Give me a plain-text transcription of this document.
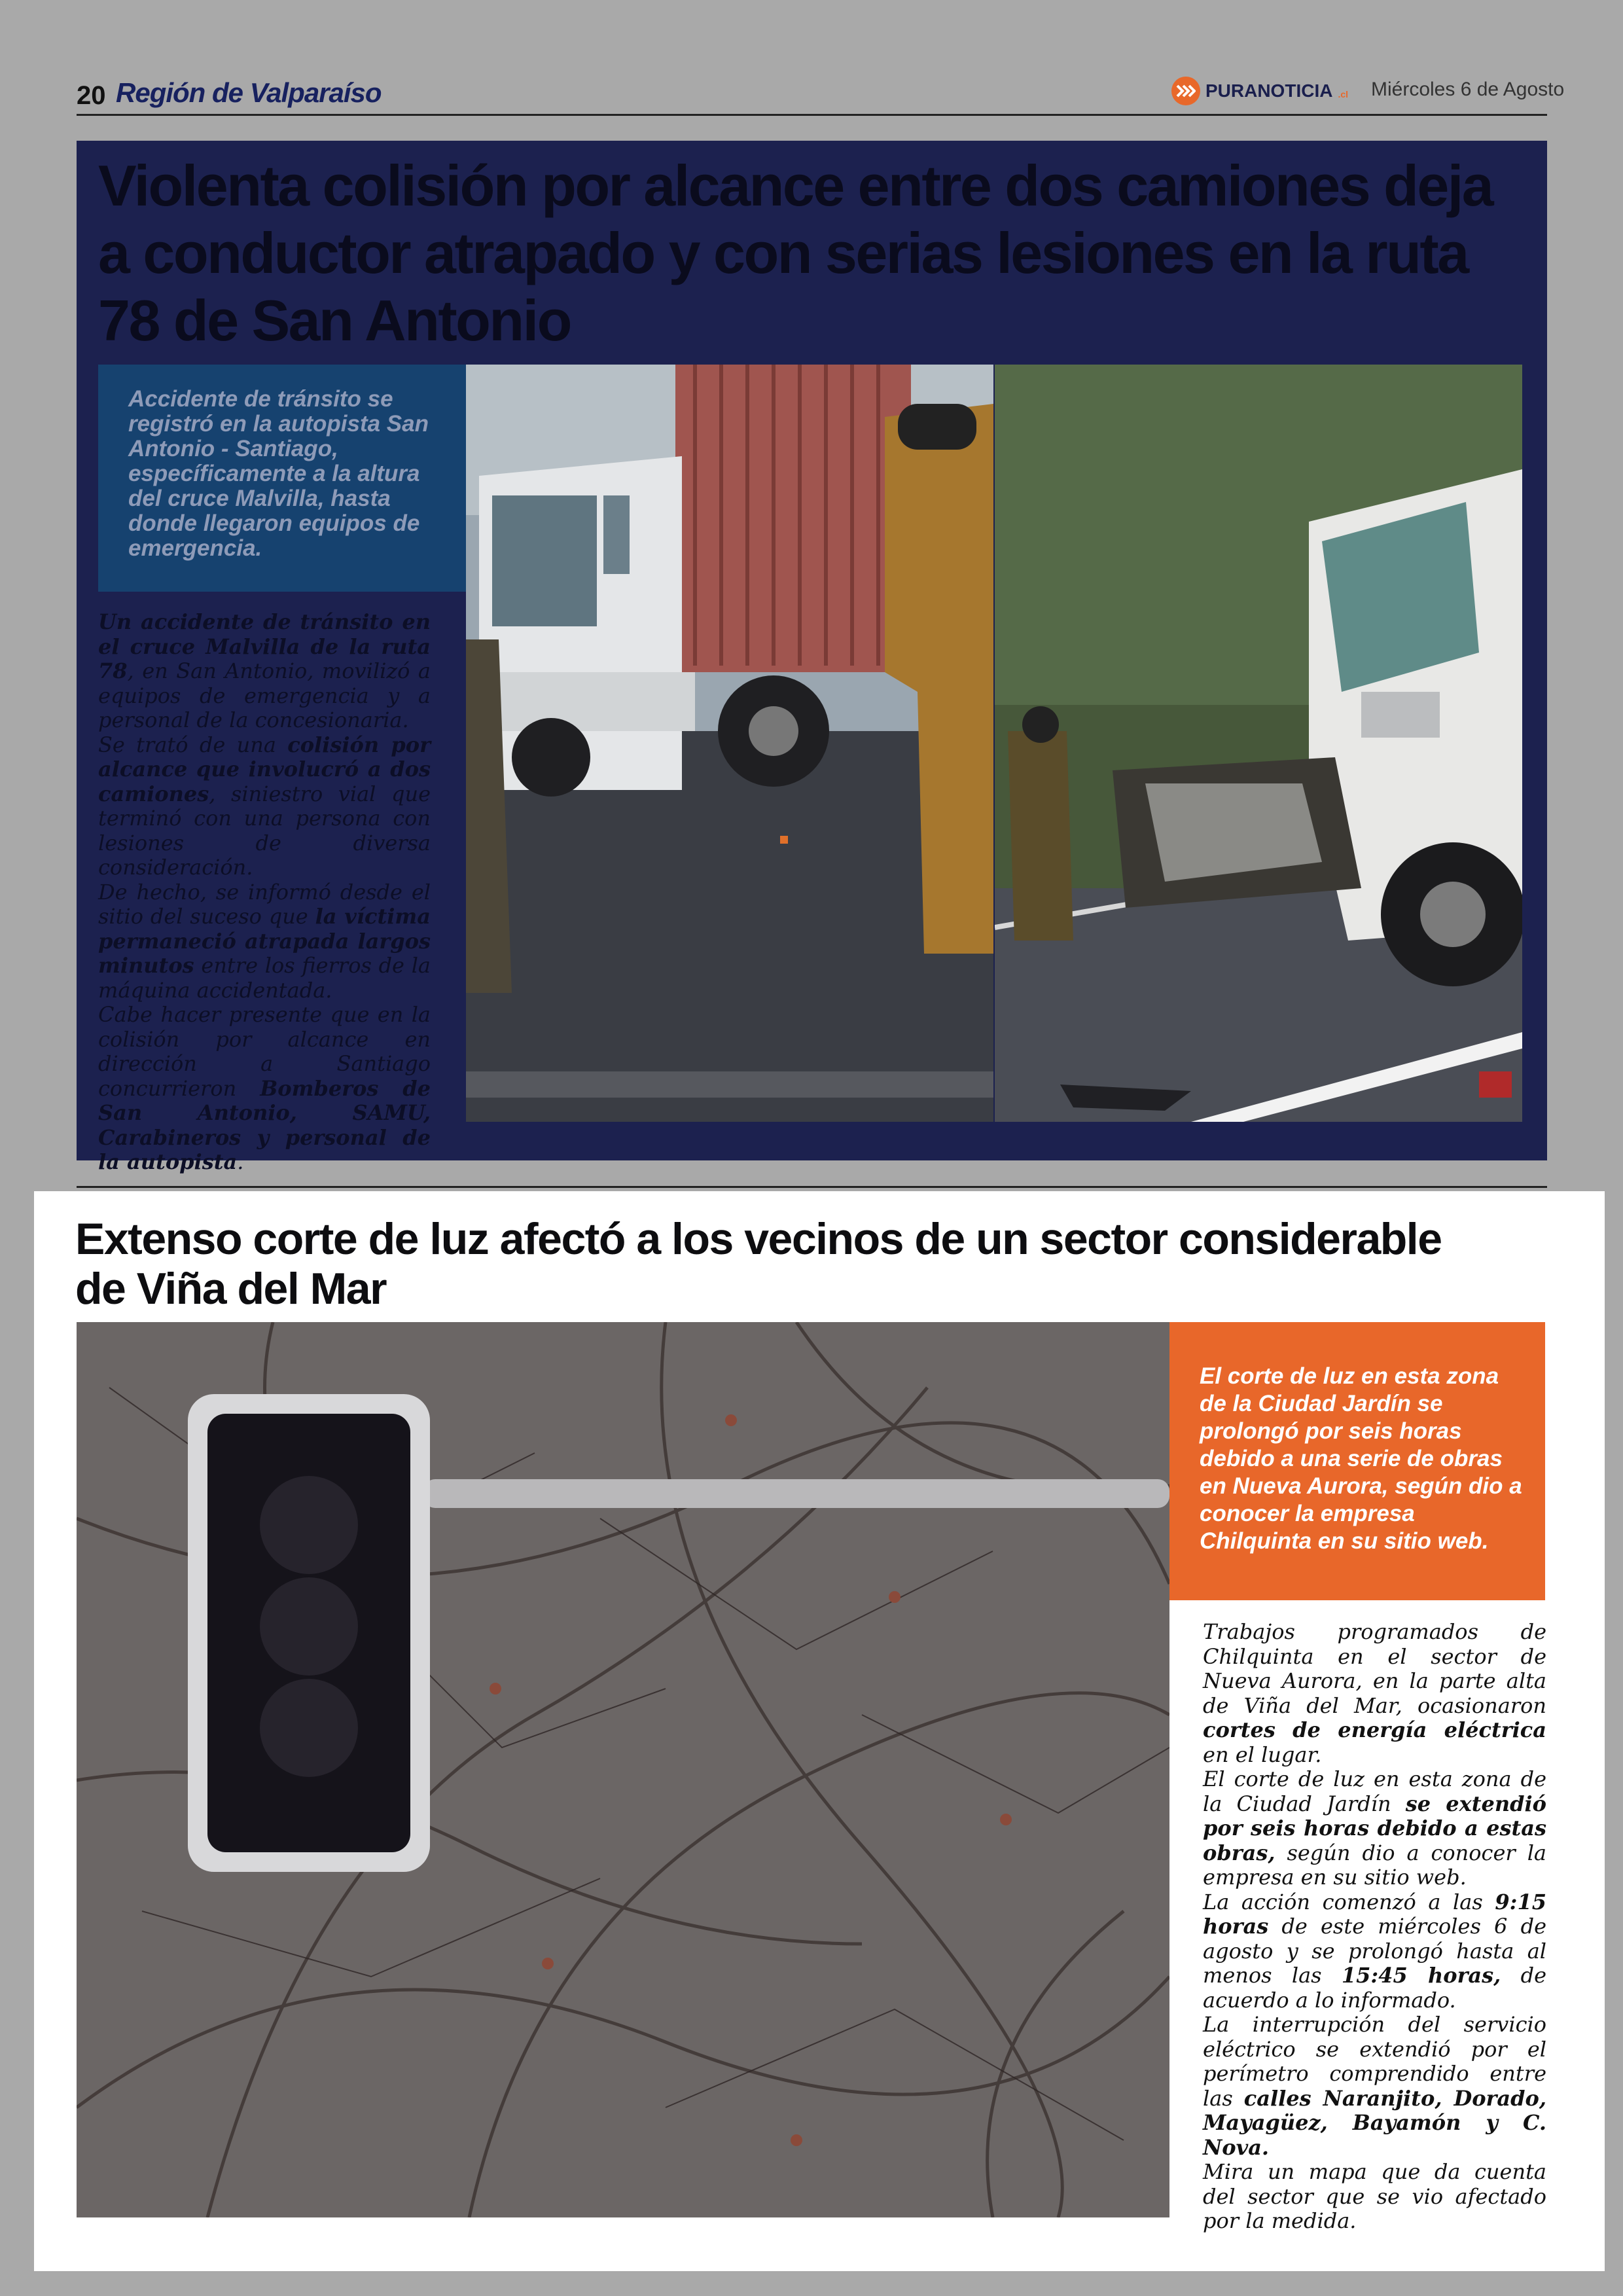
20 Región de Valparaíso	PURANOTICIA .cl Miércoles 6 de Agosto
Violenta colisión por alcance entre dos camiones deja a conductor atrapado y con serias lesiones en la ruta 78 de San Antonio

Accidente de tránsito se registró en la autopista San Antonio - Santiago, específicamente a la altura del cruce Malvilla, hasta donde llegaron equipos de emergencia.

Un accidente de tránsito en el cruce Malvilla de la ruta 78, en San Antonio, movilizó a equipos de emergencia y a personal de la concesionaria.

Se trató de una colisión por alcance que involucró a dos camiones, siniestro vial que terminó con una persona con lesiones de diversa consideración.

De hecho, se informó desde el sitio del suceso que la víctima permaneció atrapada largos minutos entre los fierros de la máquina accidentada.

Cabe hacer presente que en la colisión por alcance en dirección a Santiago concurrieron Bomberos de San Antonio, SAMU, Carabineros y personal de la autopista.

Extenso corte de luz afectó a los vecinos de un sector considerable de Viña del Mar

El corte de luz en esta zona de la Ciudad Jardín se prolongó por seis horas debido a una serie de obras en Nueva Aurora, según dio a conocer la empresa Chilquinta en su sitio web.

Trabajos programados de Chilquinta en el sector de Nueva Aurora, en la parte alta de Viña del Mar, ocasionaron cortes de energía eléctrica en el lugar.

El corte de luz en esta zona de la Ciudad Jardín se extendió por seis horas debido a estas obras, según dio a conocer la empresa en su sitio web.

La acción comenzó a las 9:15 horas de este miércoles 6 de agosto y se prolongó hasta al menos las 15:45 horas, de acuerdo a lo informado.

La interrupción del servicio eléctrico se extendió por el perímetro comprendido entre las calles Naranjito, Dorado, Mayagüez, Bayamón y C. Nova.

Mira un mapa que da cuenta del sector que se vio afectado por la medida.
